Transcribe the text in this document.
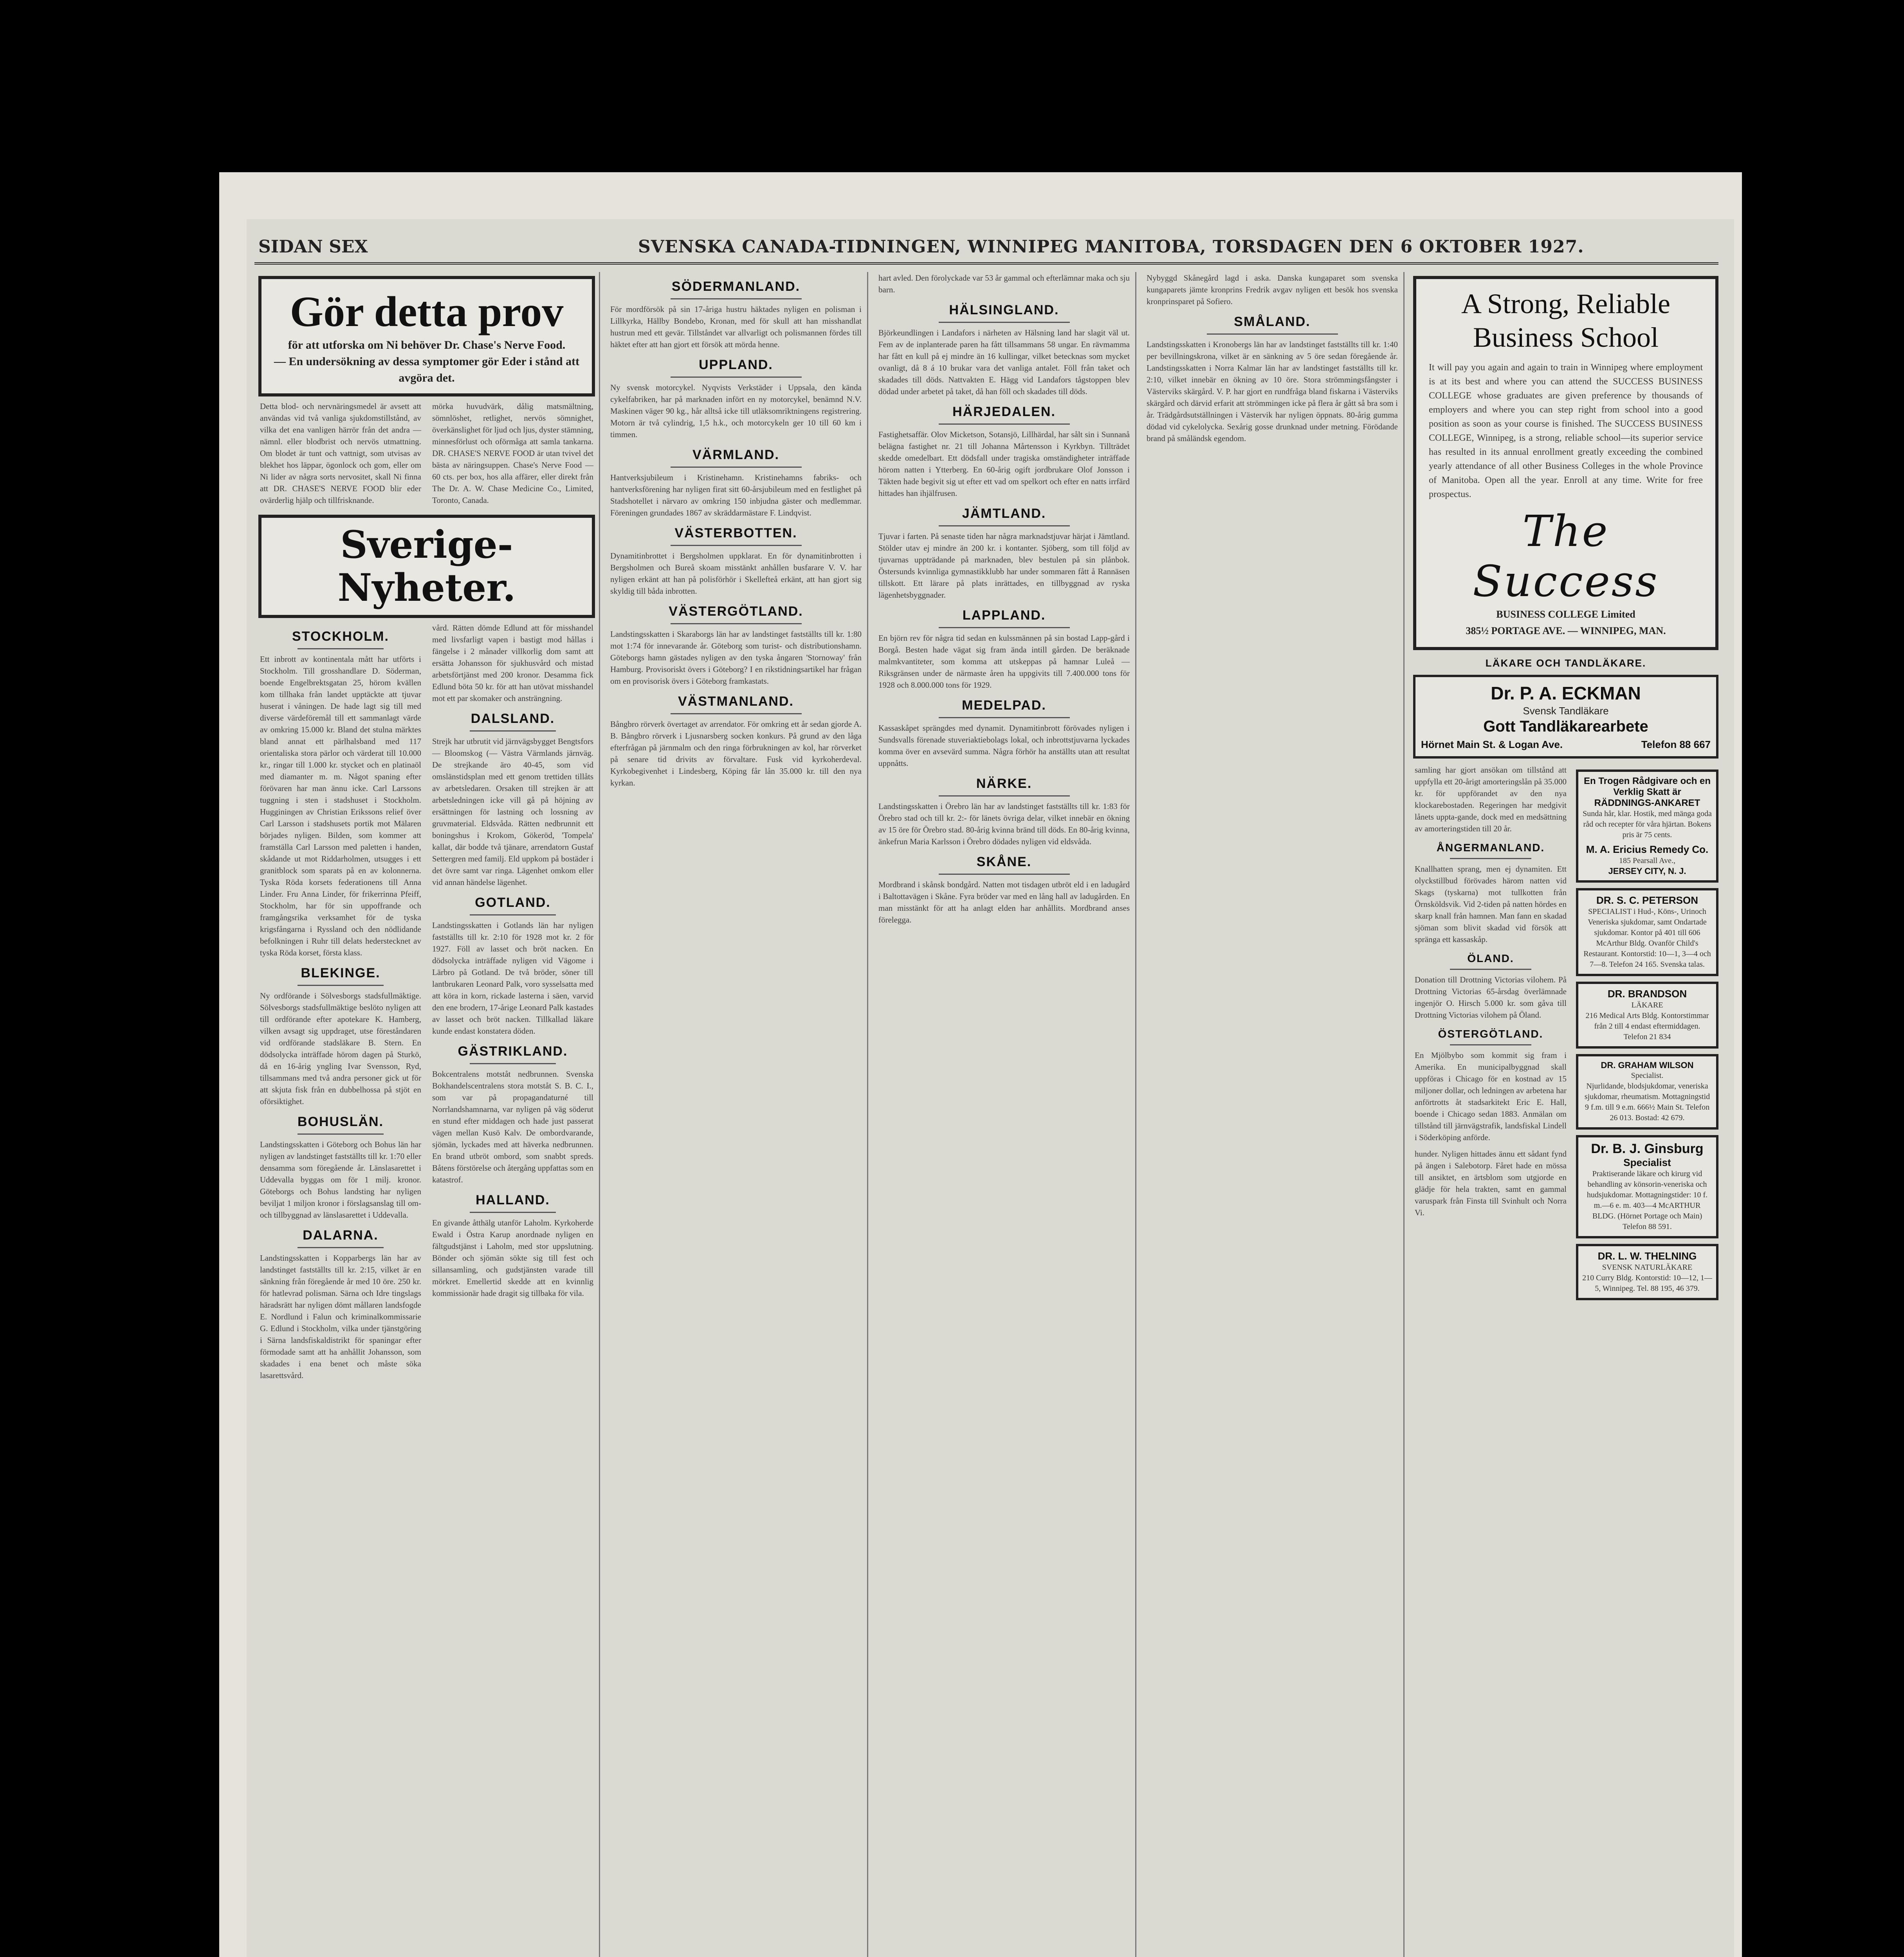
SIDAN SEX	SVENSKA CANADA-TIDNINGEN, WINNIPEG MANITOBA, TORSDAGEN DEN 6 OKTOBER 1927.
Gör detta prov
för att utforska om Ni behöver Dr. Chase's Nerve Food.
— En undersökning av dessa symptomer gör Eder i stånd att avgöra det.

Detta blod- och nervnäringsmedel är avsett att användas vid två vanliga sjukdomstillstånd, av vilka det ena vanligen härrör från det andra — nämnl. eller blodbrist och nervös utmattning. Om blodet är tunt och vattnigt, som utvisas av blekhet hos läppar, ögonlock och gom, eller om Ni lider av några sorts nervositet, skall Ni finna att DR. CHASE'S NERVE FOOD blir eder ovärderlig hjälp och tillfrisknande.

mörka huvudvärk, dålig matsmältning, sömnlöshet, retlighet, nervös sömnighet, överkänslighet för ljud och ljus, dyster stämning, minnesförlust och oförmåga att samla tankarna. DR. CHASE'S NERVE FOOD är utan tvivel det bästa av näringsuppen. Chase's Nerve Food — 60 cts. per box, hos alla affärer, eller direkt från The Dr. A. W. Chase Medicine Co., Limited, Toronto, Canada.

Sverige-Nyheter.
STOCKHOLM.

Ett inbrott av kontinentala mått har utförts i Stockholm. Till grosshandlare D. Söderman, boende Engelbrektsgatan 25, hörom kvällen kom tillhaka från landet upptäckte att tjuvar huserat i våningen. De hade lagt sig till med diverse värdeföremål till ett sammanlagt värde av omkring 15.000 kr. Bland det stulna märktes bland annat ett pärlhalsband med 117 orientaliska stora pärlor och värderat till 10.000 kr., ringar till 1.000 kr. stycket och en platinaöl med diamanter m. m. Något spaning efter förövaren har man ännu icke. Carl Larssons tuggning i sten i stadshuset i Stockholm. Hugginingen av Christian Erikssons relief över Carl Larsson i stadshusets portik mot Mälaren börjades nyligen. Bilden, som kommer att framställa Carl Larsson med paletten i handen, skådande ut mot Riddarholmen, utsugges i ett granitblock som sparats på en av kolonnerna. Tyska Röda korsets federationens till Anna Linder. Fru Anna Linder, för frikerrinna Pfeiff, Stockholm, har för sin uppoffrande och framgångsrika verksamhet för de tyska krigsfångarna i Ryssland och den nödlidande befolkningen i Ruhr till delats hederstecknet av tyska Röda korset, första klass.

BLEKINGE.

Ny ordförande i Sölvesborgs stadsfullmäktige. Sölvesborgs stadsfullmäktige beslöto nyligen att till ordförande efter apotekare K. Hamberg, vilken avsagt sig uppdraget, utse föreståndaren vid ordförande stadsläkare B. Stern. En dödsolycka inträffade hörom dagen på Sturkö, då en 16-årig yngling Ivar Svensson, Ryd, tillsammans med två andra personer gick ut för att skjuta fisk från en dubbelhossa på stjöt en oförsiktighet.

BOHUSLÄN.

Landstingsskatten i Göteborg och Bohus län har nyligen av landstinget fastställts till kr. 1:70 eller densamma som föregående år. Länslasarettet i Uddevalla byggas om för 1 milj. kronor. Göteborgs och Bohus landsting har nyligen beviljat 1 miljon kronor i förslagsanslag till om- och tillbyggnad av länslasarettet i Uddevalla.

DALARNA.

Landstingsskatten i Kopparbergs län har av landstinget fastställts till kr. 2:15, vilket är en sänkning från föregående år med 10 öre. 250 kr. för hatlevrad polisman. Särna och Idre tingslags häradsrätt har nyligen dömt mållaren landsfogde E. Nordlund i Falun och kriminalkommissarie G. Edlund i Stockholm, vilka under tjänstgöring i Särna landsfiskaldistrikt för spaningar efter förmodade samt att ha anhållit Johansson, som skadades i ena benet och måste söka lasarettsvård.

vård. Rätten dömde Edlund att för misshandel med livsfarligt vapen i bastigt mod hållas i fängelse i 2 månader villkorlig dom samt att ersätta Johansson för sjukhusvård och mistad arbetsförtjänst med 200 kronor. Desamma fick Edlund böta 50 kr. för att han utövat misshandel mot ett par skomaker och ansträngning.

DALSLAND.

Strejk har utbrutit vid järnvägsbygget Bengtsfors — Bloomskog (— Västra Värmlands järnväg. De strejkande äro 40-45, som vid omslänstidsplan med ett genom trettiden tillåts av arbetsledaren. Orsaken till strejken är att arbetsledningen icke vill gå på höjning av ersättningen för lastning och lossning av gruvmaterial. Eldsvåda. Rätten nedbrunnit ett boningshus i Krokom, Gökeröd, 'Tompela' kallat, där bodde två tjänare, arrendatorn Gustaf Settergren med familj. Eld uppkom på bostäder i det övre samt var ringa. Lägenhet omkom eller vid annan händelse lägenhet.

GOTLAND.

Landstingsskatten i Gotlands län har nyligen fastställts till kr. 2:10 för 1928 mot kr. 2 för 1927. Föll av lasset och bröt nacken. En dödsolycka inträffade nyligen vid Vägome i Lärbro på Gotland. De två bröder, söner till lantbrukaren Leonard Palk, voro sysselsatta med att köra in korn, rickade lasterna i säen, varvid den ene brodern, 17-årige Leonard Palk kastades av lasset och bröt nacken. Tillkallad läkare kunde endast konstatera döden.

GÄSTRIKLAND.

Bokcentralens motståt nedbrunnen. Svenska Bokhandelscentralens stora motståt S. B. C. I., som var på propagandaturné till Norrlandshamnarna, var nyligen på väg söderut en stund efter middagen och hade just passerat vägen mellan Kusö Kalv. De ombordvarande, sjömän, lyckades med att häverka nedbrunnen. En brand utbröt ombord, som snabbt spreds. Båtens förstörelse och återgång uppfattas som en katastrof.

HALLAND.

En givande åtthälg utanför Laholm. Kyrkoherde Ewald i Östra Karup anordnade nyligen en fältgudstjänst i Laholm, med stor uppslutning. Bönder och sjömän sökte sig till fest och sillansamling, och gudstjänsten varade till mörkret. Emellertid skedde att en kvinnlig kommissionär hade dragit sig tillbaka för vila.

hart avled. Den förolyckade var 53 år gammal och efterlämnar maka och sju barn.

HÄLSINGLAND.

Björkeundlingen i Landafors i närheten av Hälsning land har slagit väl ut. Fem av de inplanterade paren ha fått tillsammans 58 ungar. En rävmamma har fått en kull på ej mindre än 16 kullingar, vilket betecknas som mycket ovanligt, då 8 á 10 brukar vara det vanliga antalet. Föll från taket och skadades till döds. Nattvakten E. Hägg vid Landafors tågstoppen blev dödad under arbetet på taket, då han föll och skadades till döds.

HÄRJEDALEN.

Fastighetsaffär. Olov Micketson, Sotansjö, Lillhärdal, har sålt sin i Sunnanå belägna fastighet nr. 21 till Johanna Mårtensson i Kyrkbyn. Tillträdet skedde omedelbart. Ett dödsfall under tragiska omständigheter inträffade hörom natten i Ytterberg. En 60-årig ogift jordbrukare Olof Jonsson i Täkten hade begivit sig ut efter ett vad om spelkort och efter en natts irrfärd hittades han ihjälfrusen.

JÄMTLAND.

Tjuvar i farten. På senaste tiden har några marknadstjuvar härjat i Jämtland. Stölder utav ej mindre än 200 kr. i kontanter. Sjöberg, som till följd av tjuvarnas uppträdande på marknaden, blev bestulen på sin plånbok. Östersunds kvinnliga gymnastikklubb har under sommaren fått å Rannäsen tillskott. Ett lärare på plats inrättades, en tillbyggnad av ryska lägenhetsbyggnader.

LAPPLAND.

En björn rev för några tid sedan en kulssmännen på sin bostad Lapp-gård i Borgå. Besten hade vägat sig fram ända intill gården. De beräknade malmkvantiteter, som komma att utskeppas på hamnar Luleå — Riksgränsen under de närmaste åren ha uppgivits till 7.400.000 tons för 1928 och 8.000.000 tons för 1929.

MEDELPAD.

Kassaskåpet sprängdes med dynamit. Dynamitinbrott förövades nyligen i Sundsvalls förenade stuveriaktiebolags lokal, och inbrottstjuvarna lyckades komma över en avsevärd summa. Några förhör ha anställts utan att resultat uppnåtts.

NÄRKE.

Landstingsskatten i Örebro län har av landstinget fastställts till kr. 1:83 för Örebro stad och till kr. 2:- för länets övriga delar, vilket innebär en ökning av 15 öre för Örebro stad. 80-årig kvinna bränd till döds. En 80-årig kvinna, änkefrun Maria Karlsson i Örebro dödades nyligen vid eldsvåda.

SKÅNE.

Mordbrand i skånsk bondgård. Natten mot tisdagen utbröt eld i en ladugård i Baltottavägen i Skåne. Fyra bröder var med en lång hall av ladugården. En man misstänkt för att ha anlagt elden har anhållits. Mordbrand anses förelegga.

Nybyggd Skånegård lagd i aska. Danska kungaparet som svenska kungaparets jämte kronprins Fredrik avgav nyligen ett besök hos svenska kronprinsparet på Sofiero.

SMÅLAND.

Landstingsskatten i Kronobergs län har av landstinget fastställts till kr. 1:40 per bevillningskrona, vilket är en sänkning av 5 öre sedan föregående år. Landstingsskatten i Norra Kalmar län har av landstinget fastställts till kr. 2:10, vilket innebär en ökning av 10 öre. Stora strömmingsfångster i Västerviks skärgård. V. P. har gjort en rundfråga bland fiskarna i Västerviks skärgård och därvid erfarit att strömmingen icke på flera år gått så bra som i år. Trädgårdsutställningen i Västervik har nyligen öppnats. 80-årig gumma dödad vid cykelolycka. Sexårig gosse drunknad under metning. Förödande brand på småländsk egendom.

SÖDERMANLAND.

För mordförsök på sin 17-åriga hustru häktades nyligen en polisman i Lillkyrka, Hällby Bondebo, Kronan, med för skull att han misshandlat hustrun med ett gevär. Tillståndet var allvarligt och polismannen fördes till häktet efter att han gjort ett försök att mörda henne.

UPPLAND.

Ny svensk motorcykel. Nyqvists Verkstäder i Uppsala, den kända cykelfabriken, har på marknaden infört en ny motorcykel, benämnd N.V. Maskinen väger 90 kg., hår alltså icke till utläksomriktningens registrering. Motorn är två cylindrig, 1,5 h.k., och motorcykeln ger 10 till 60 km i timmen.

VÄRMLAND.

Hantverksjubileum i Kristinehamn. Kristinehamns fabriks- och hantverksförening har nyligen firat sitt 60-årsjubileum med en festlighet på Stadshotellet i närvaro av omkring 150 inbjudna gäster och medlemmar. Föreningen grundades 1867 av skräddarmästare F. Lindqvist.

VÄSTERBOTTEN.

Dynamitinbrottet i Bergsholmen uppklarat. En för dynamitinbrotten i Bergsholmen och Bureå skoam misstänkt anhållen busfarare V. V. har nyligen erkänt att han på polisförhör i Skellefteå erkänt, att han gjort sig skyldig till båda inbrotten.

VÄSTERGÖTLAND.

Landstingsskatten i Skaraborgs län har av landstinget fastställts till kr. 1:80 mot 1:74 för innevarande år. Göteborg som turist- och distributionshamn. Göteborgs hamn gästades nyligen av den tyska ångaren 'Stornoway' från Hamburg. Provisoriskt övers i Göteborg? I en rikstidningsartikel har frågan om en provisorisk övers i Göteborg framkastats.

VÄSTMANLAND.

Bångbro rörverk övertaget av arrendator. För omkring ett år sedan gjorde A. B. Bångbro rörverk i Ljusnarsberg socken konkurs. På grund av den låga efterfrågan på järnmalm och den ringa förbrukningen av kol, har rörverket på senare tid drivits av förvaltare. Fusk vid kyrkoherdeval. Kyrkobegivenhet i Lindesberg, Köping får lån 35.000 kr. till den nya kyrkan.

A Strong, Reliable
Business School

It will pay you again and again to train in Winnipeg where employment is at its best and where you can attend the SUCCESS BUSINESS COLLEGE whose graduates are given preference by thousands of employers and where you can step right from school into a good position as soon as your course is finished. The SUCCESS BUSINESS COLLEGE, Winnipeg, is a strong, reliable school—its superior service has resulted in its annual enrollment greatly exceeding the combined yearly attendance of all other Business Colleges in the whole Province of Manitoba. Open all the year. Enroll at any time. Write for free prospectus.

The Success
BUSINESS COLLEGE Limited
385½ PORTAGE AVE. — WINNIPEG, MAN.
LÄKARE OCH TANDLÄKARE.
Dr. P. A. ECKMAN
Svensk Tandläkare
Gott Tandläkarearbete
Hörnet Main St. & Logan Ave.	Telefon 88 667

samling har gjort ansökan om tillstånd att uppfylla ett 20-årigt amorteringslån på 35.000 kr. för uppförandet av den nya klockarebostaden. Regeringen har medgivit lånets uppta-gande, dock med en medsättning av amorteringstiden till 20 år.

ÅNGERMANLAND.

Knallhatten sprang, men ej dynamiten. Ett olyckstillbud förövades härom natten vid Skags (tyskarna) mot tullkotten från Örnsköldsvik. Vid 2-tiden på natten hördes en skarp knall från hamnen. Man fann en skadad sjöman som blivit skadad vid försök att spränga ett kassaskåp.

ÖLAND.

Donation till Drottning Victorias vilohem. På Drottning Victorias 65-årsdag överlämnade ingenjör O. Hirsch 5.000 kr. som gåva till Drottning Victorias vilohem på Öland.

ÖSTERGÖTLAND.

En Mjölbybo som kommit sig fram i Amerika. En municipalbyggnad skall uppföras i Chicago för en kostnad av 15 miljoner dollar, och ledningen av arbetena har anförtrotts åt stadsarkitekt Eric E. Hall, boende i Chicago sedan 1883. Anmälan om tillstånd till järnvägstrafik, landsfiskal Lindell i Söderköping anförde.

hunder. Nyligen hittades ännu ett sådant fynd på ängen i Salebotorp. Fåret hade en mössa till ansiktet, en ärtsblom som utgjorde en glädje för hela trakten, samt en gammal varuspark från Finsta till Svinhult och Norra Vi.

En Trogen Rådgivare och en Verklig Skatt är RÄDDNINGS-ANKARET
Sunda hår, klar. Hostik, med mänga goda råd och recepter för våra hjärtan. Bokens pris är 75 cents.
M. A. Ericius Remedy Co.
185 Pearsall Ave.,
JERSEY CITY, N. J.
DR. S. C. PETERSON
SPECIALIST i Hud-, Köns-, Urinoch Veneriska sjukdomar, samt Ondartade sjukdomar. Kontor på 401 till 606 McArthur Bldg. Ovanför Child's Restaurant. Kontorstid: 10—1, 3—4 och 7—8. Telefon 24 165. Svenska talas.
DR. BRANDSON
LÄKARE
216 Medical Arts Bldg. Kontorstimmar från 2 till 4 endast eftermiddagen. Telefon 21 834
DR. GRAHAM WILSON
Specialist.
Njurlidande, blodsjukdomar, veneriska sjukdomar, rheumatism. Mottagningstid 9 f.m. till 9 e.m. 666½ Main St. Telefon 26 013. Bostad: 42 679.
Dr. B. J. Ginsburg
Specialist
Praktiserande läkare och kirurg vid behandling av könsorin-veneriska och hudsjukdomar. Mottagningstider: 10 f. m.—6 e. m. 403—4 McARTHUR BLDG. (Hörnet Portage och Main) Telefon 88 591.
DR. L. W. THELNING
SVENSK NATURLÄKARE
210 Curry Bldg. Kontorstid: 10—12, 1—5, Winnipeg. Tel. 88 195, 46 379.
